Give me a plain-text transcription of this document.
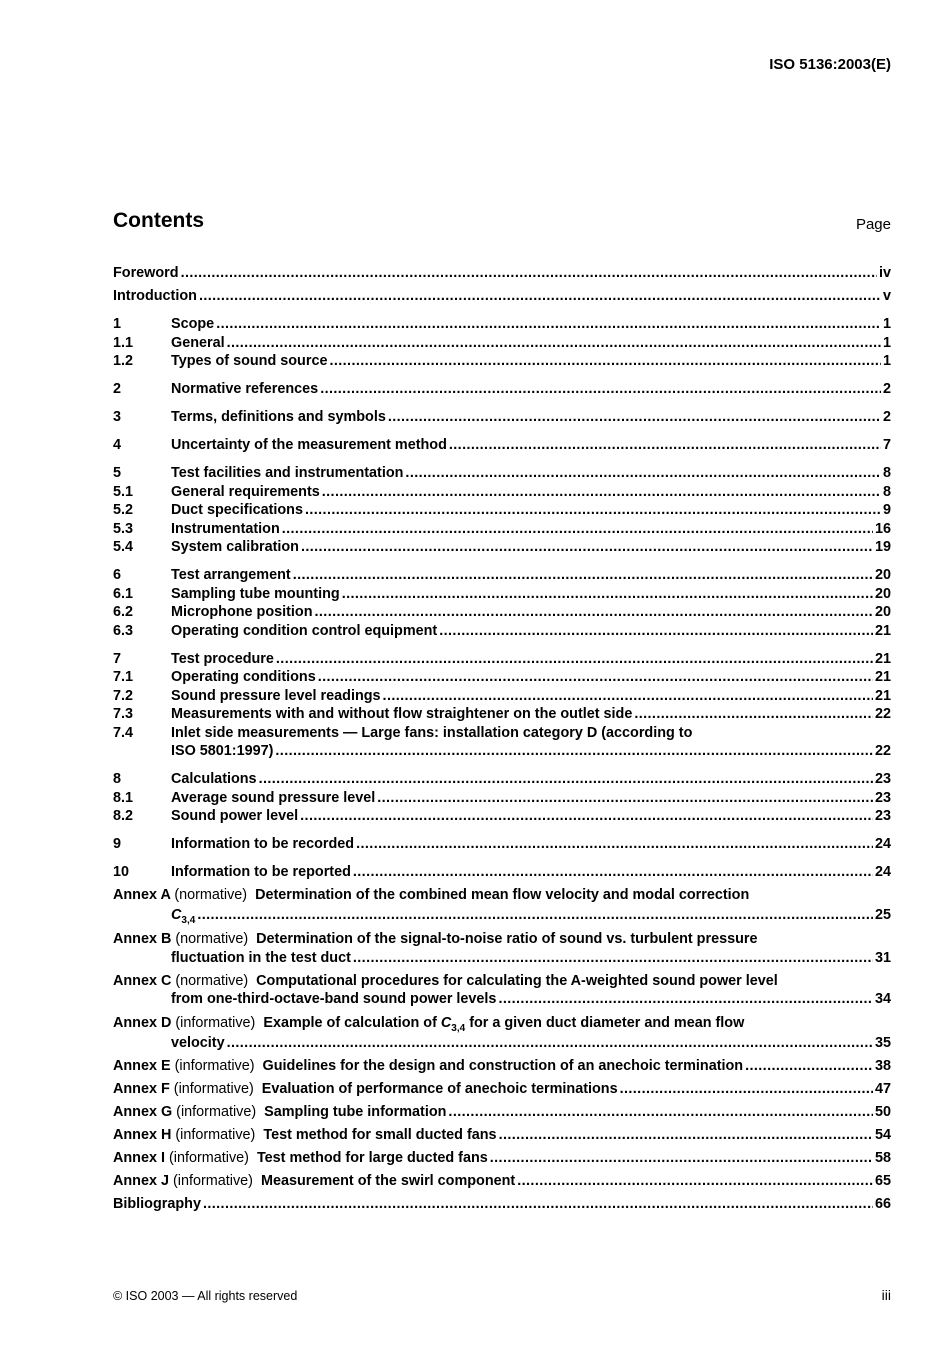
ISO 5136:2003(E)
Contents	Page
Foreword .....	iv
Introduction .....	v
1	Scope .....	1
1.1	General .....	1
1.2	Types of sound source .....	1
2	Normative references .....	2
3	Terms, definitions and symbols .....	2
4	Uncertainty of the measurement method .....	7
5	Test facilities and instrumentation .....	8
5.1	General requirements .....	8
5.2	Duct specifications .....	9
5.3	Instrumentation .....	16
5.4	System calibration .....	19
6	Test arrangement .....	20
6.1	Sampling tube mounting .....	20
6.2	Microphone position .....	20
6.3	Operating condition control equipment .....	21
7	Test procedure .....	21
7.1	Operating conditions .....	21
7.2	Sound pressure level readings .....	21
7.3	Measurements with and without flow straightener on the outlet side .....	22
7.4	Inlet side measurements — Large fans: installation category D (according to
ISO 5801:1997) .....	22
8	Calculations .....	23
8.1	Average sound pressure level .....	23
8.2	Sound power level .....	23
9	Information to be recorded .....	24
10	Information to be reported .....	24
Annex A (normative) Determination of the combined mean flow velocity and modal correction
$C_{3,4}$ .....	25
Annex B (normative) Determination of the signal-to-noise ratio of sound vs. turbulent pressure
fluctuation in the test duct .....	31
Annex C (normative) Computational procedures for calculating the A-weighted sound power level
from one-third-octave-band sound power levels .....	34
Annex D (informative) Example of calculation of $C_{3,4}$ for a given duct diameter and mean flow
velocity .....	35
Annex E (informative) Guidelines for the design and construction of an anechoic termination .....	38
Annex F (informative) Evaluation of performance of anechoic terminations .....	47
Annex G (informative) Sampling tube information .....	50
Annex H (informative) Test method for small ducted fans .....	54
Annex I (informative) Test method for large ducted fans .....	58
Annex J (informative) Measurement of the swirl component .....	65
Bibliography .....	66
© ISO 2003 — All rights reserved	iii
